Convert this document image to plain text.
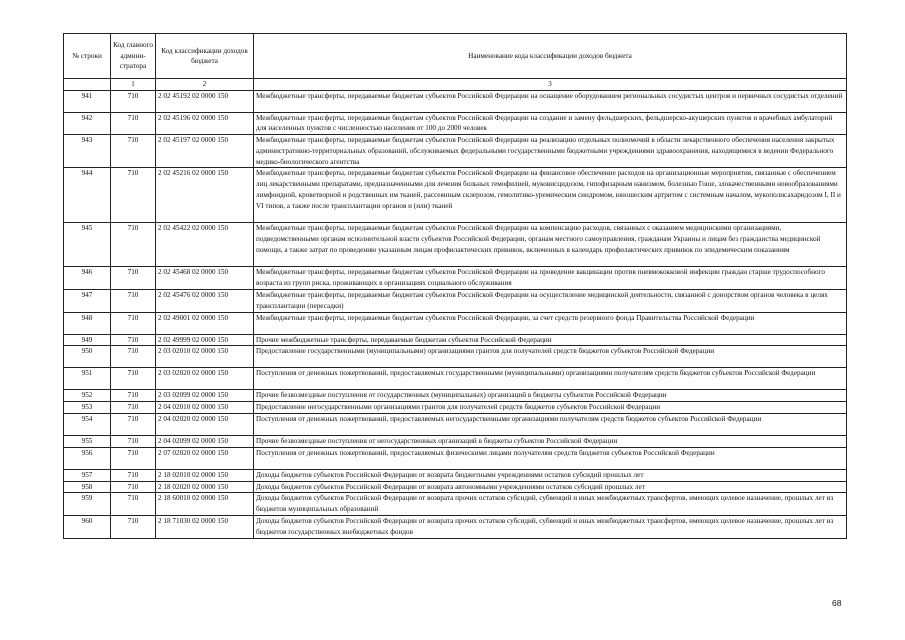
№ строки	Код главного админи-стратора	Код классификации доходов бюджета	Наименование кода классификации доходов бюджета
	1	2	3
941	710	2 02 45192 02 0000 150	Межбюджетные трансферты, передаваемые бюджетам субъектов Российской Федерации на оснащение оборудованием региональных сосудистых центров и первичных сосудистых отделений
942	710	2 02 45196 02 0000 150	Межбюджетные трансферты, передаваемые бюджетам субъектов Российской Федерации на создание и замену фельдшерских, фельдшерско-акушерских пунктов и врачебных амбулаторий для населенных пунктов с численностью населения от 100 до 2000 человек
943	710	2 02 45197 02 0000 150	Межбюджетные трансферты, передаваемые бюджетам субъектов Российской Федерации на реализацию отдельных полномочий в области лекарственного обеспечения населения закрытых административно-территориальных образований, обслуживаемых федеральными государственными бюджетными учреждениями здравоохранения, находящимися в ведении Федерального медико-биологического агентства
944	710	2 02 45216 02 0000 150	Межбюджетные трансферты, передаваемые бюджетам субъектов Российской Федерации на финансовое обеспечение расходов на организационные мероприятия, связанные с обеспечением лиц лекарственными препаратами, предназначенными для лечения больных гемофилией, муковисцидозом, гипофизарным нанизмом, болезнью Гоше, злокачественными новообразованиями лимфоидной, кроветворной и родственных им тканей, рассеянным склерозом, гемолитико-уремическим синдромом, юношеским артритом с системным началом, мукополисахаридозом I, II и VI типов, а также после трансплантации органов и (или) тканей
945	710	2 02 45422 02 0000 150	Межбюджетные трансферты, передаваемые бюджетам субъектов Российской Федерации на компенсацию расходов, связанных с оказанием медицинскими организациями, подведомственными органам исполнительной власти субъектов Российской Федерации, органам местного самоуправления, гражданам Украины и лицам без гражданства медицинской помощи, а также затрат по проведению указанным лицам профилактических прививок, включенных в календарь профилактических прививок по эпидемическим показаниям
946	710	2 02 45468 02 0000 150	Межбюджетные трансферты, передаваемые бюджетам субъектов Российской Федерации на проведение вакцинации против пневмококковой инфекции граждан старше трудоспособного возраста из групп риска, проживающих в организациях социального обслуживания
947	710	2 02 45476 02 0000 150	Межбюджетные трансферты, передаваемые бюджетам субъектов Российской Федерации на осуществление медицинской деятельности, связанной с донорством органов человека в целях трансплантации (пересадки)
948	710	2 02 49001 02 0000 150	Межбюджетные трансферты, передаваемые бюджетам субъектов Российской Федерации, за счет средств резервного фонда Правительства Российской Федерации
949	710	2 02 49999 02 0000 150	Прочие межбюджетные трансферты, передаваемые бюджетам субъектов Российской Федерации
950	710	2 03 02010 02 0000 150	Предоставление государственными (муниципальными) организациями грантов для получателей средств бюджетов субъектов Российской Федерации
951	710	2 03 02020 02 0000 150	Поступления от денежных пожертвований, предоставляемых государственными (муниципальными) организациями получателям средств бюджетов субъектов Российской Федерации
952	710	2 03 02099 02 0000 150	Прочие безвозмездные поступления от государственных (муниципальных) организаций в бюджеты субъектов Российской Федерации
953	710	2 04 02010 02 0000 150	Предоставление негосударственными организациями грантов для получателей средств бюджетов субъектов Российской Федерации
954	710	2 04 02020 02 0000 150	Поступления от денежных пожертвований, предоставляемых негосударственными организациями получателям средств бюджетов субъектов Российской Федерации
955	710	2 04 02099 02 0000 150	Прочие безвозмездные поступления от негосударственных организаций в бюджеты субъектов Российской Федерации
956	710	2 07 02020 02 0000 150	Поступления от денежных пожертвований, предоставляемых физическими лицами получателям средств бюджетов субъектов Российской Федерации
957	710	2 18 02010 02 0000 150	Доходы бюджетов субъектов Российской Федерации от возврата бюджетными учреждениями остатков субсидий прошлых лет
958	710	2 18 02020 02 0000 150	Доходы бюджетов субъектов Российской Федерации от возврата автономными учреждениями остатков субсидий прошлых лет
959	710	2 18 60010 02 0000 150	Доходы бюджетов субъектов Российской Федерации от возврата прочих остатков субсидий, субвенций и иных межбюджетных трансфертов, имеющих целевое назначение, прошлых лет из бюджетов муниципальных образований
960	710	2 18 71030 02 0000 150	Доходы бюджетов субъектов Российской Федерации от возврата прочих остатков субсидий, субвенций и иных межбюджетных трансфертов, имеющих целевое назначение, прошлых лет из бюджетов государственных внебюджетных фондов
68
